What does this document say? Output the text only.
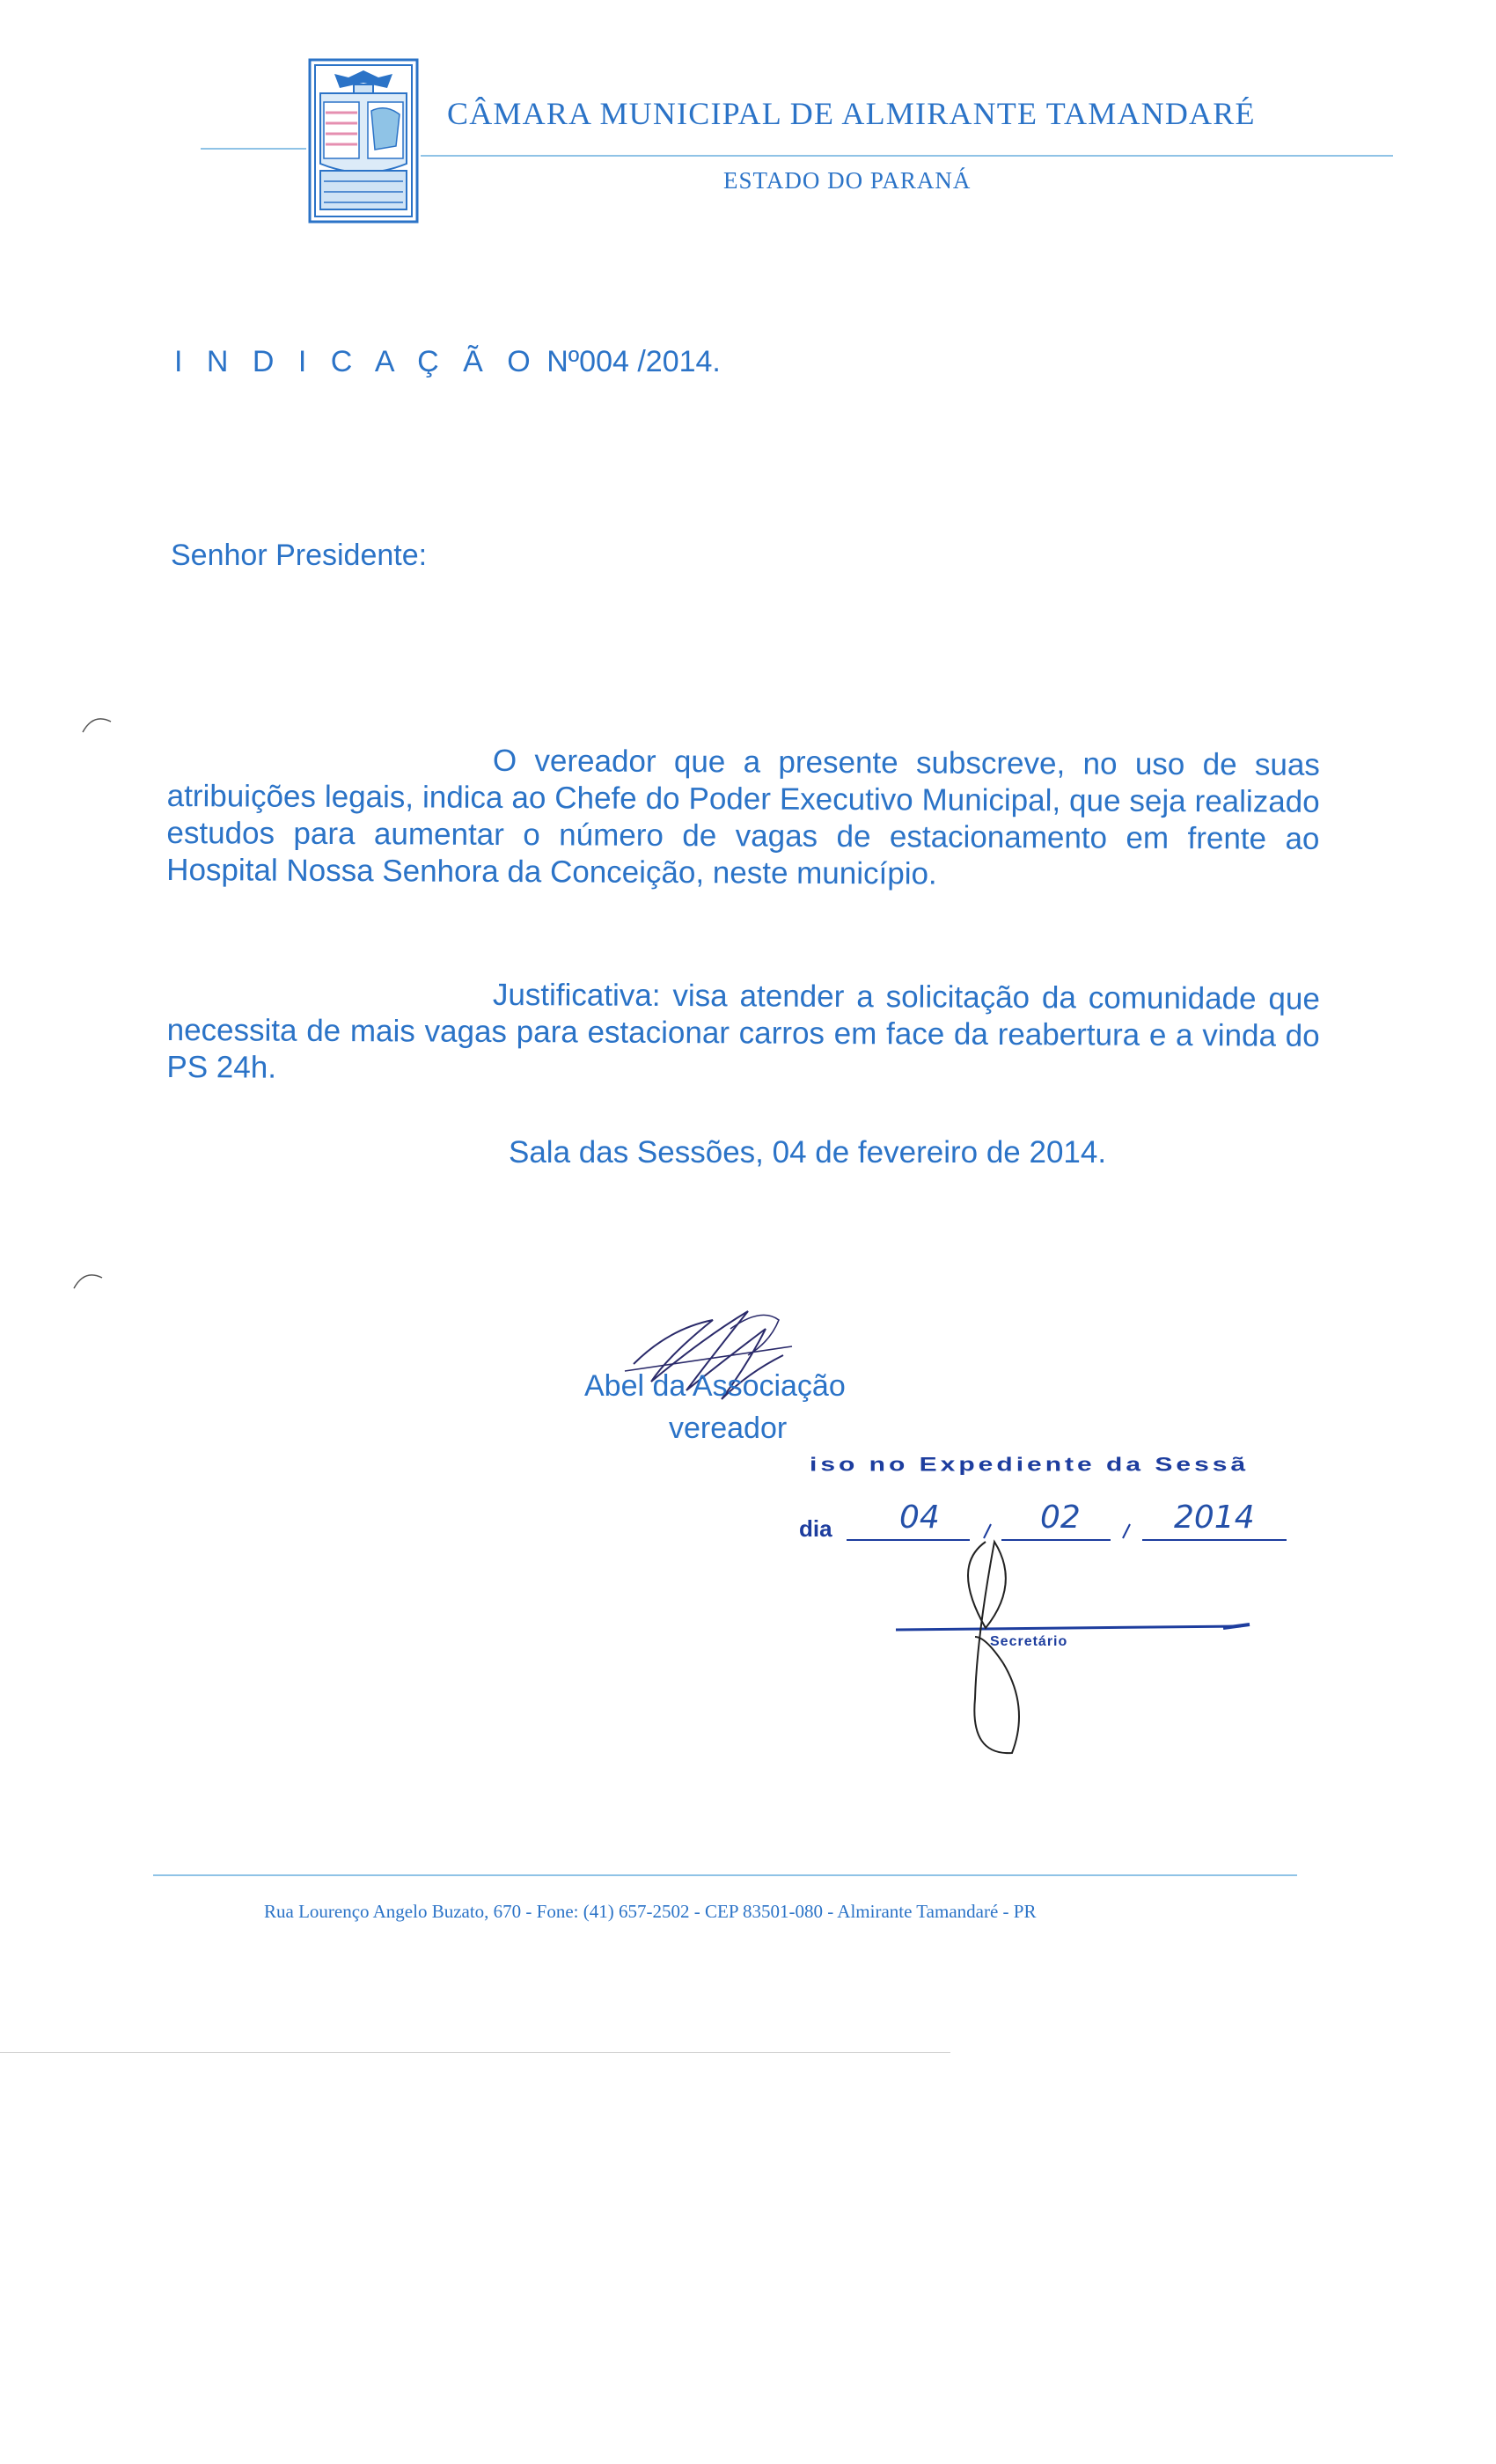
CÂMARA MUNICIPAL DE ALMIRANTE TAMANDARÉ
ESTADO DO PARANÁ
I N D I C A Ç Ã O Nº004 /2014.
Senhor Presidente:
O vereador que a presente subscreve, no uso de suas atribuições legais, indica ao Chefe do Poder Executivo Municipal, que seja realizado estudos para aumentar o número de vagas de estacionamento em frente ao Hospital Nossa Senhora da Conceição, neste município.
Justificativa: visa atender a solicitação da comunidade que necessita de mais vagas para estacionar carros em face da reabertura e a vinda do PS 24h.
Sala das Sessões, 04 de fevereiro de 2014.
Abel da Associação
vereador
iso no Expediente da Sessã
dia 04	02	2014
Secretário
Rua Lourenço Angelo Buzato, 670 - Fone: (41) 657-2502 - CEP 83501-080 - Almirante Tamandaré - PR
